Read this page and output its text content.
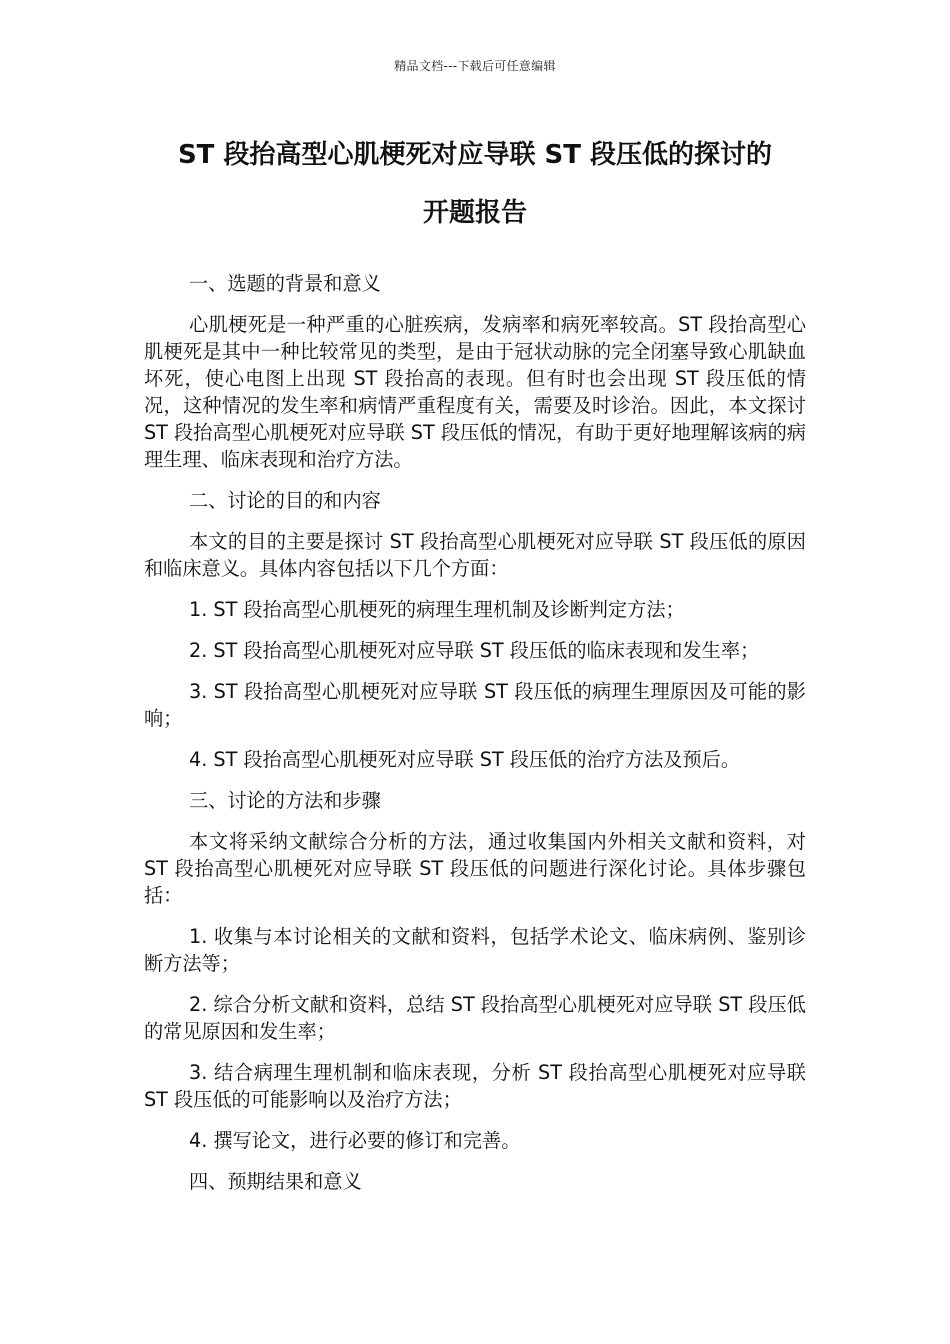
精品文档---下载后可任意编辑
ST 段抬高型心肌梗死对应导联 ST 段压低的探讨的
开题报告

一、选题的背景和意义

心肌梗死是一种严重的心脏疾病，发病率和病死率较高。ST 段抬高型心肌梗死是其中一种比较常见的类型，是由于冠状动脉的完全闭塞导致心肌缺血坏死，使心电图上出现 ST 段抬高的表现。但有时也会出现 ST 段压低的情况，这种情况的发生率和病情严重程度有关，需要及时诊治。因此，本文探讨 ST 段抬高型心肌梗死对应导联 ST 段压低的情况，有助于更好地理解该病的病理生理、临床表现和治疗方法。

二、讨论的目的和内容

本文的目的主要是探讨 ST 段抬高型心肌梗死对应导联 ST 段压低的原因和临床意义。具体内容包括以下几个方面：

1. ST 段抬高型心肌梗死的病理生理机制及诊断判定方法；

2. ST 段抬高型心肌梗死对应导联 ST 段压低的临床表现和发生率；

3. ST 段抬高型心肌梗死对应导联 ST 段压低的病理生理原因及可能的影响；

4. ST 段抬高型心肌梗死对应导联 ST 段压低的治疗方法及预后。

三、讨论的方法和步骤

本文将采纳文献综合分析的方法，通过收集国内外相关文献和资料，对 ST 段抬高型心肌梗死对应导联 ST 段压低的问题进行深化讨论。具体步骤包括：

1. 收集与本讨论相关的文献和资料，包括学术论文、临床病例、鉴别诊断方法等；

2. 综合分析文献和资料，总结 ST 段抬高型心肌梗死对应导联 ST 段压低的常见原因和发生率；

3. 结合病理生理机制和临床表现，分析 ST 段抬高型心肌梗死对应导联 ST 段压低的可能影响以及治疗方法；

4. 撰写论文，进行必要的修订和完善。

四、预期结果和意义
